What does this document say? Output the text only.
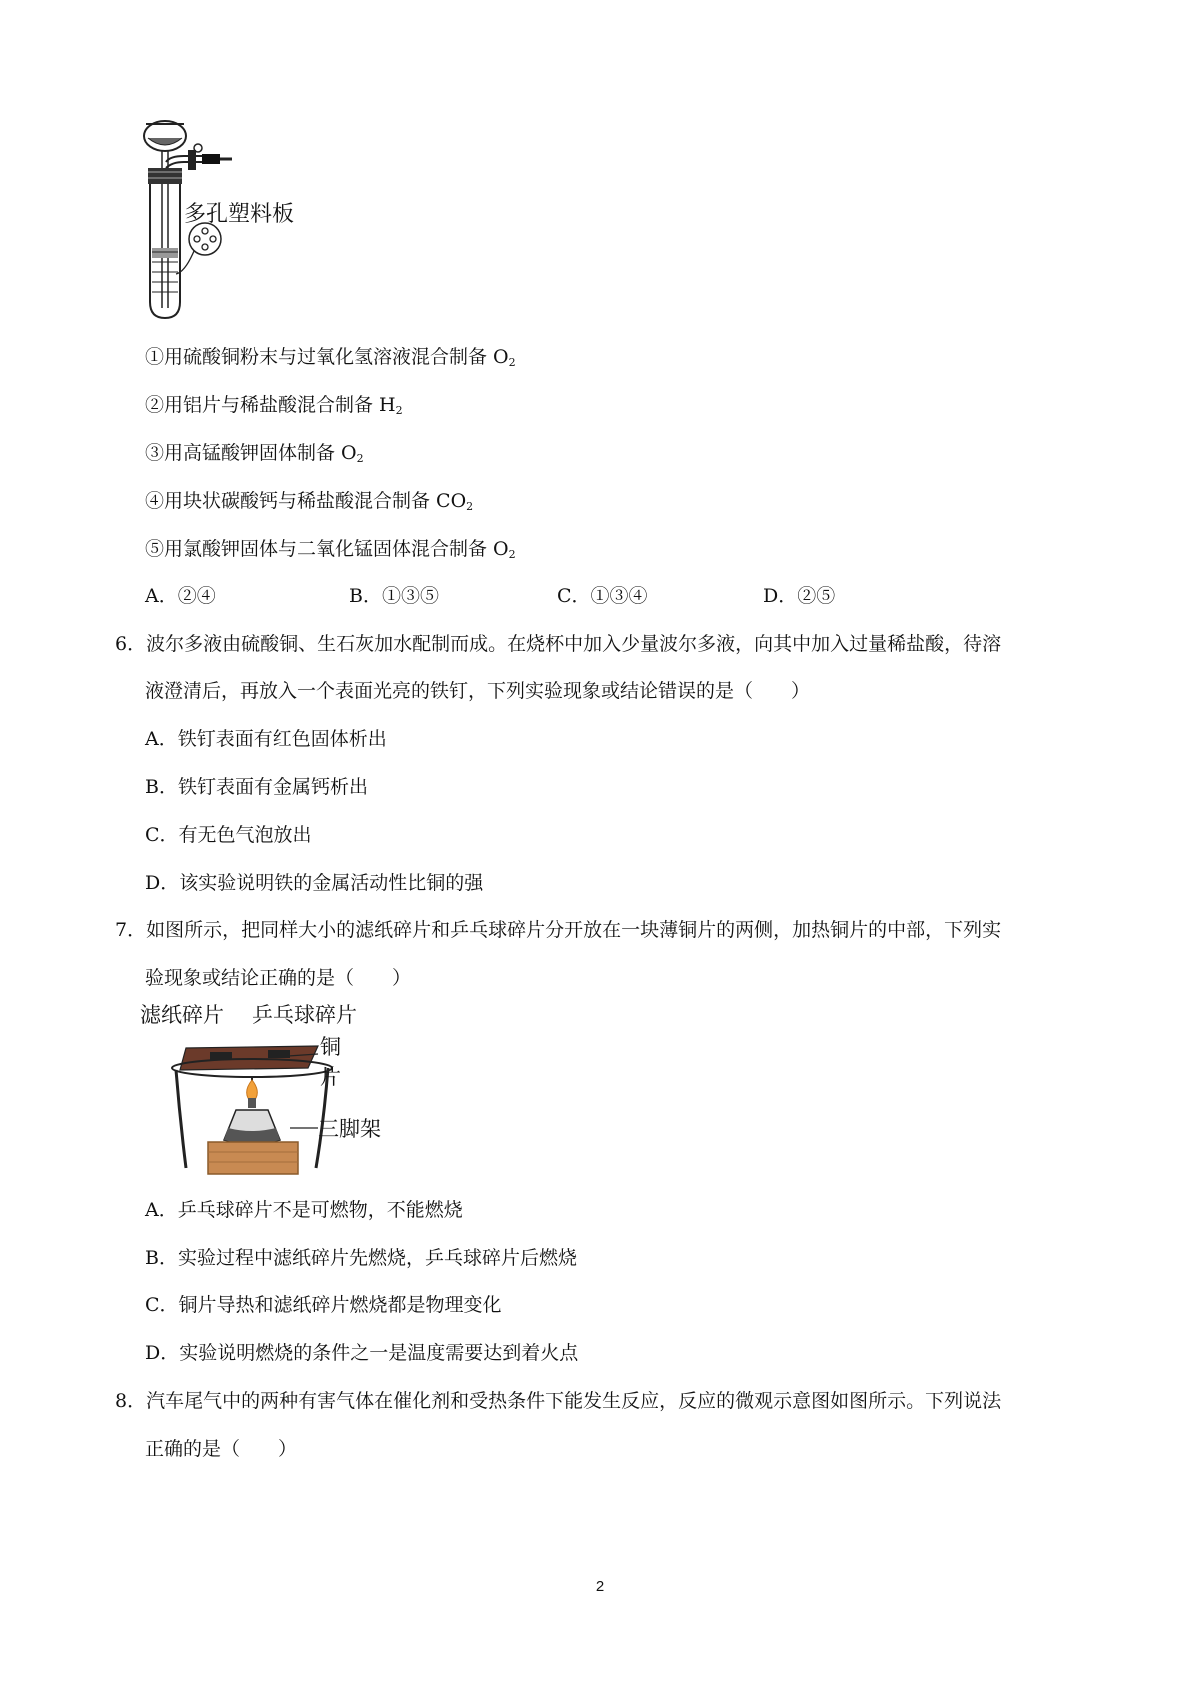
多孔塑料板
①用硫酸铜粉末与过氧化氢溶液混合制备 $O_2$
②用铝片与稀盐酸混合制备 $H_2$
③用高锰酸钾固体制备 $O_2$
④用块状碳酸钙与稀盐酸混合制备 $CO_2$
⑤用氯酸钾固体与二氧化锰固体混合制备 $O_2$
A．②④	B．①③⑤	C．①③④	D．②⑤
6．波尔多液由硫酸铜、生石灰加水配制而成。在烧杯中加入少量波尔多液，向其中加入过量稀盐酸，待溶
液澄清后，再放入一个表面光亮的铁钉，下列实验现象或结论错误的是（　　）
A．铁钉表面有红色固体析出
B．铁钉表面有金属钙析出
C．有无色气泡放出
D．该实验说明铁的金属活动性比铜的强
7．如图所示，把同样大小的滤纸碎片和乒乓球碎片分开放在一块薄铜片的两侧，加热铜片的中部，下列实
验现象或结论正确的是（　　）
滤纸碎片 乒乓球碎片
铜
片
三脚架
A．乒乓球碎片不是可燃物，不能燃烧
B．实验过程中滤纸碎片先燃烧，乒乓球碎片后燃烧
C．铜片导热和滤纸碎片燃烧都是物理变化
D．实验说明燃烧的条件之一是温度需要达到着火点
8．汽车尾气中的两种有害气体在催化剂和受热条件下能发生反应，反应的微观示意图如图所示。下列说法
正确的是（　　）
2
